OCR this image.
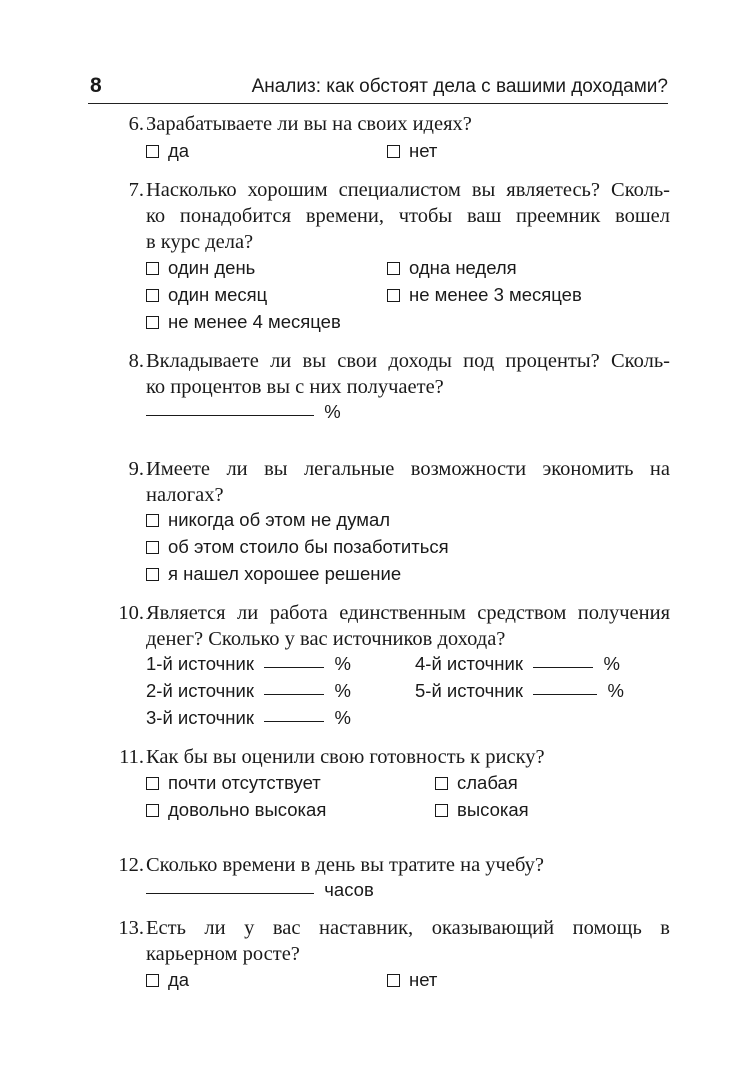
8	Анализ: как обстоят дела с вашими доходами?
6. Зарабатываете ли вы на своих идеях?
да	нет
7. Насколько хорошим специалистом вы являетесь? Сколь-
ко понадобится времени, чтобы ваш преемник вошел
в курс дела?
один день	одна неделя
один месяц	не менее 3 месяцев
не менее 4 месяцев
8. Вкладываете ли вы свои доходы под проценты? Сколь-
ко процентов вы с них получаете?
%
9. Имеете ли вы легальные возможности экономить на
налогах?
никогда об этом не думал
об этом стоило бы позаботиться
я нашел хорошее решение
10. Является ли работа единственным средством получения
денег? Сколько у вас источников дохода?
1-й источник	%	4-й источник	%
2-й источник	%	5-й источник	%
3-й источник	%
11. Как бы вы оценили свою готовность к риску?
почти отсутствует	слабая
довольно высокая	высокая
12. Сколько времени в день вы тратите на учебу?
часов
13. Есть ли у вас наставник, оказывающий помощь в
карьерном росте?
да	нет
